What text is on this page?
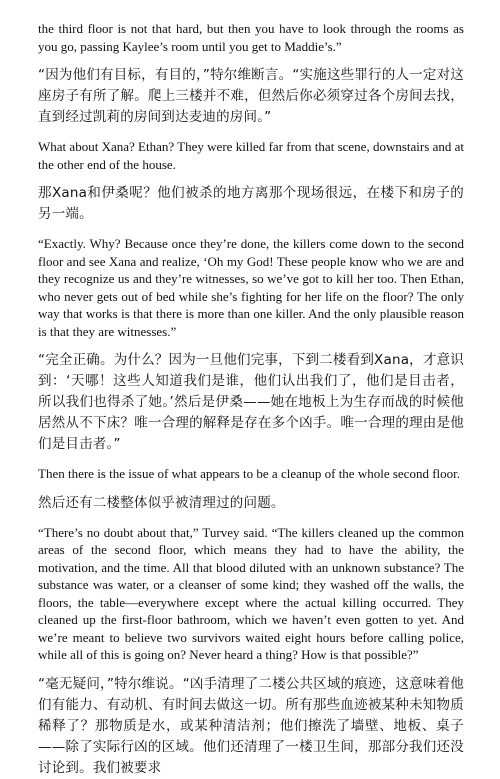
the third floor is not that hard, but then you have to look through the rooms as you go, passing Kaylee’s room until you get to Maddie’s.”

“因为他们有目标，有目的，”特尔维断言。“实施这些罪行的人一定对这座房子有所了解。爬上三楼并不难，但然后你必须穿过各个房间去找，直到经过凯莉的房间到达麦迪的房间。”

What about Xana? Ethan? They were killed far from that scene, downstairs and at the other end of the house.

那Xana和伊桑呢？他们被杀的地方离那个现场很远，在楼下和房子的另一端。

“Exactly. Why? Because once they’re done, the killers come down to the second floor and see Xana and realize, ‘Oh my God! These people know who we are and they recognize us and they’re witnesses, so we’ve got to kill her too. Then Ethan, who never gets out of bed while she’s fighting for her life on the floor? The only way that works is that there is more than one killer. And the only plausible reason is that they are witnesses.”

“完全正确。为什么？因为一旦他们完事，下到二楼看到Xana，才意识到：‘天哪！这些人知道我们是谁，他们认出我们了，他们是目击者，所以我们也得杀了她。’然后是伊桑——她在地板上为生存而战的时候他居然从不下床？唯一合理的解释是存在多个凶手。唯一合理的理由是他们是目击者。”

Then there is the issue of what appears to be a cleanup of the whole second floor.

然后还有二楼整体似乎被清理过的问题。

“There’s no doubt about that,” Turvey said. “The killers cleaned up the common areas of the second floor, which means they had to have the ability, the motivation, and the time. All that blood diluted with an unknown substance? The substance was water, or a cleanser of some kind; they washed off the walls, the floors, the table—everywhere except where the actual killing occurred. They cleaned up the first-floor bathroom, which we haven’t even gotten to yet. And we’re meant to believe two survivors waited eight hours before calling police, while all of this is going on? Never heard a thing? How is that possible?”

“毫无疑问，”特尔维说。“凶手清理了二楼公共区域的痕迹，这意味着他们有能力、有动机、有时间去做这一切。所有那些血迹被某种未知物质稀释了？那物质是水，或某种清洁剂；他们擦洗了墙壁、地板、桌子——除了实际行凶的区域。他们还清理了一楼卫生间，那部分我们还没讨论到。我们被要求
